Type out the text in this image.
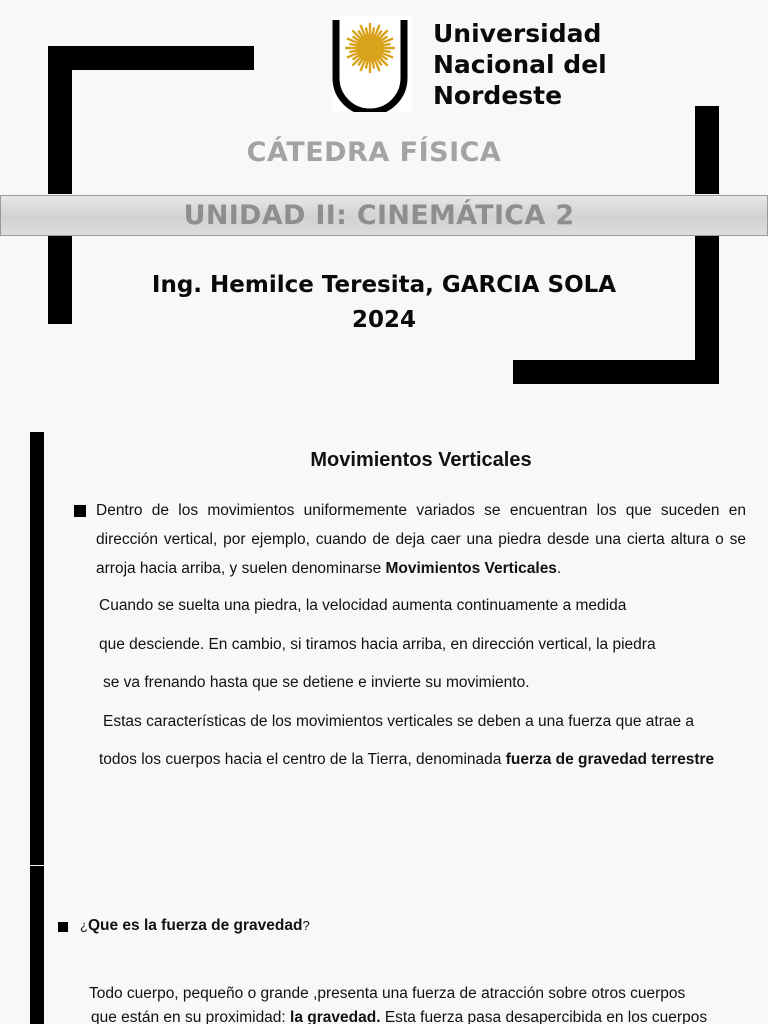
Universidad
Nacional del
Nordeste
CÁTEDRA FÍSICA
UNIDAD II: CINEMÁTICA 2
Ing. Hemilce Teresita, GARCIA SOLA
2024
Movimientos Verticales
Dentro de los movimientos uniformemente variados se encuentran los que suceden en
dirección vertical, por ejemplo, cuando de deja caer una piedra desde una cierta altura o se
arroja hacia arriba, y suelen denominarse Movimientos Verticales.
Cuando se suelta una piedra, la velocidad aumenta continuamente a medida
que desciende. En cambio, si tiramos hacia arriba, en dirección vertical, la piedra
se va frenando hasta que se detiene e invierte su movimiento.
Estas características de los movimientos verticales se deben a una fuerza que atrae a
todos los cuerpos hacia el centro de la Tierra, denominada fuerza de gravedad terrestre
¿Que es la fuerza de gravedad?
Todo cuerpo, pequeño o grande ,presenta una fuerza de atracción sobre otros cuerpos
que están en su proximidad: la gravedad. Esta fuerza pasa desapercibida en los cuerpos
